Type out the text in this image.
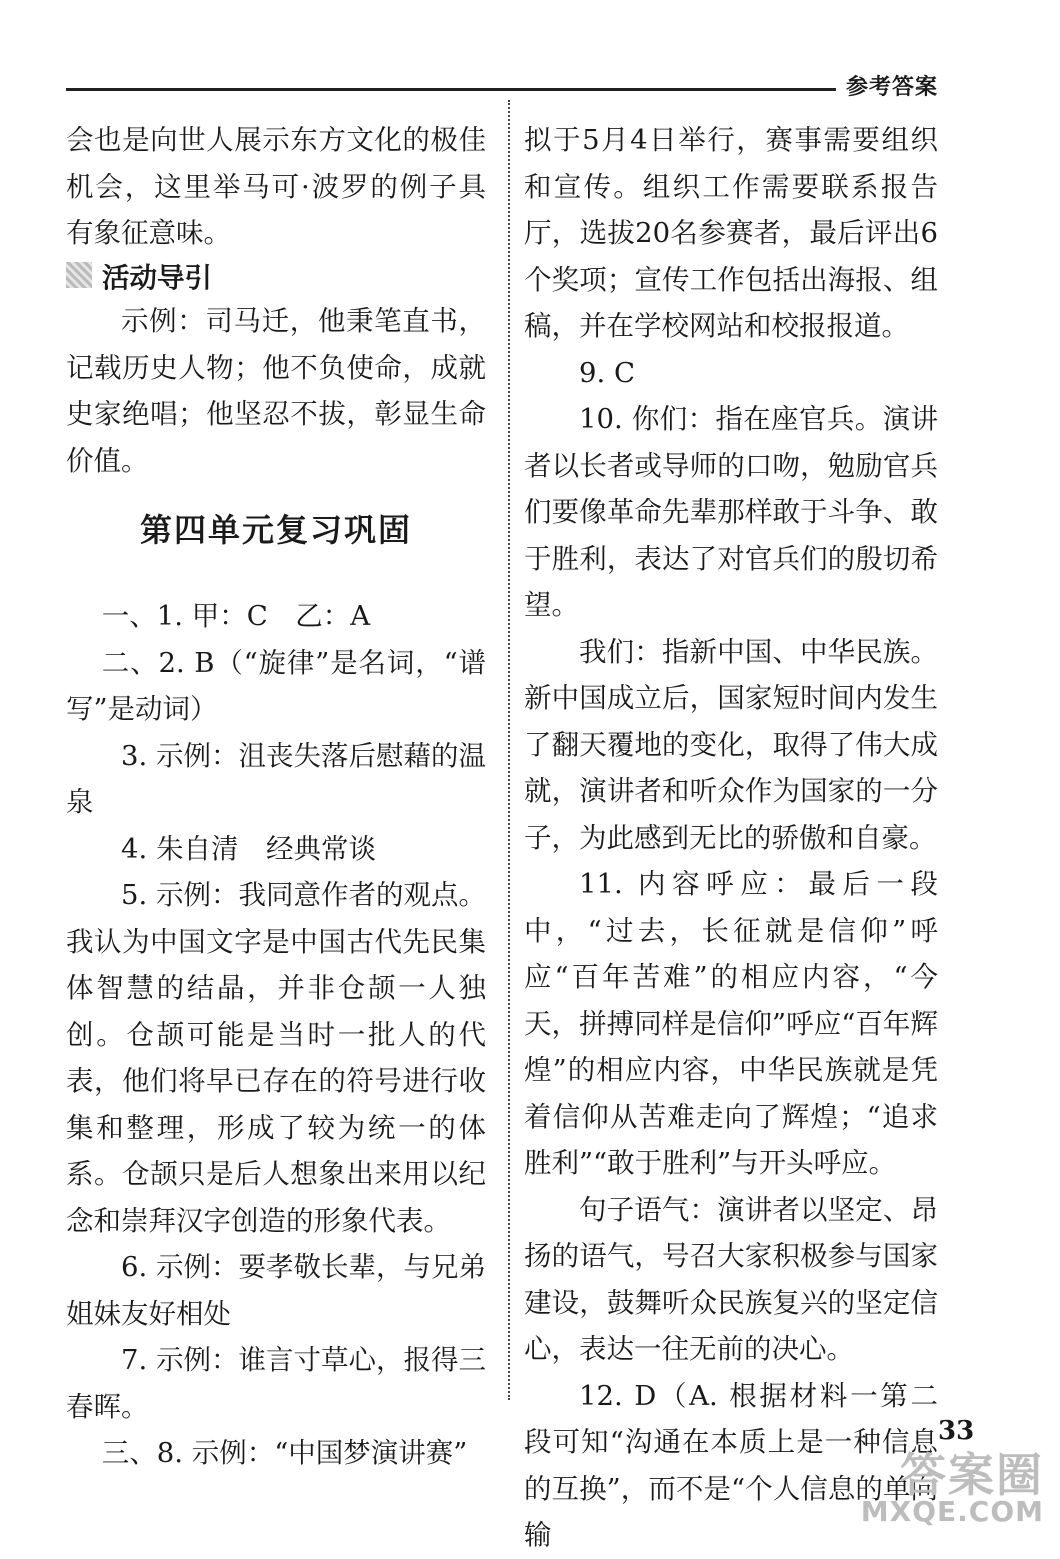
参考答案

会也是向世人展示东方文化的极佳机会，这里举马可·波罗的例子具有象征意味。

活动导引

示例：司马迁，他秉笔直书，记载历史人物；他不负使命，成就史家绝唱；他坚忍不拔，彰显生命价值。

第四单元复习巩固

一、1. 甲：C　乙：A

二、2. B（“旋律”是名词，“谱写”是动词）

3. 示例：沮丧失落后慰藉的温泉

4. 朱自清　经典常谈

5. 示例：我同意作者的观点。我认为中国文字是中国古代先民集体智慧的结晶，并非仓颉一人独创。仓颉可能是当时一批人的代表，他们将早已存在的符号进行收集和整理，形成了较为统一的体系。仓颉只是后人想象出来用以纪念和崇拜汉字创造的形象代表。

6. 示例：要孝敬长辈，与兄弟姐妹友好相处

7. 示例：谁言寸草心，报得三春晖。

三、8. 示例：“中国梦演讲赛”

拟于5月4日举行，赛事需要组织和宣传。组织工作需要联系报告厅，选拔20名参赛者，最后评出6个奖项；宣传工作包括出海报、组稿，并在学校网站和校报报道。

9. C

10. 你们：指在座官兵。演讲者以长者或导师的口吻，勉励官兵们要像革命先辈那样敢于斗争、敢于胜利，表达了对官兵们的殷切希望。

我们：指新中国、中华民族。新中国成立后，国家短时间内发生了翻天覆地的变化，取得了伟大成就，演讲者和听众作为国家的一分子，为此感到无比的骄傲和自豪。

11. 内容呼应：最后一段中，“过去，长征就是信仰”呼应“百年苦难”的相应内容，“今天，拼搏同样是信仰”呼应“百年辉煌”的相应内容，中华民族就是凭着信仰从苦难走向了辉煌；“追求胜利”“敢于胜利”与开头呼应。

句子语气：演讲者以坚定、昂扬的语气，号召大家积极参与国家建设，鼓舞听众民族复兴的坚定信心，表达一往无前的决心。

12. D（A. 根据材料一第二段可知“沟通在本质上是一种信息的互换”，而不是“个人信息的单向输

33
答案圈
MXQE.COM
